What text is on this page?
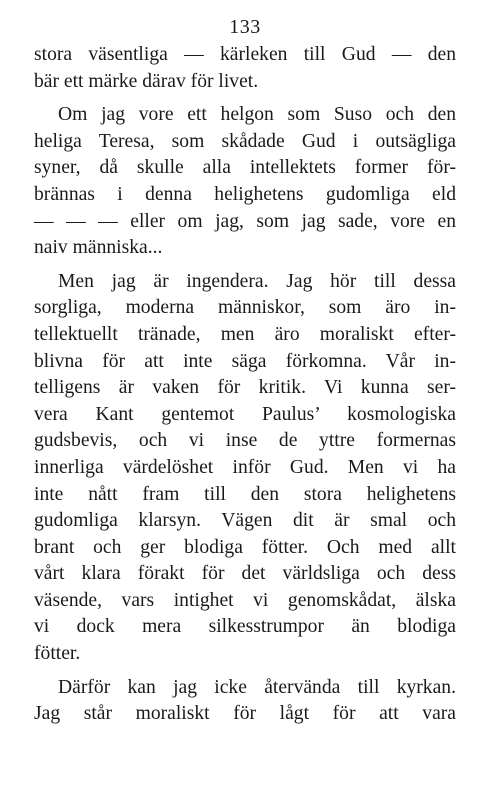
133

stora väsentliga — kärleken till Gud — den
bär ett märke därav för livet.

Om jag vore ett helgon som Suso och den
heliga Teresa, som skådade Gud i outsägliga
syner, då skulle alla intellektets former för-
brännas i denna helighetens gudomliga eld
— — — eller om jag, som jag sade, vore en
naiv människa...

Men jag är ingendera. Jag hör till dessa
sorgliga, moderna människor, som äro in-
tellektuellt tränade, men äro moraliskt efter-
blivna för att inte säga förkomna. Vår in-
telligens är vaken för kritik. Vi kunna ser-
vera Kant gentemot Paulus’ kosmologiska
gudsbevis, och vi inse de yttre formernas
innerliga värdelöshet inför Gud. Men vi ha
inte nått fram till den stora helighetens
gudomliga klarsyn. Vägen dit är smal och
brant och ger blodiga fötter. Och med allt
vårt klara förakt för det världsliga och dess
väsende, vars intighet vi genomskådat, älska
vi dock mera silkesstrumpor än blodiga
fötter.

Därför kan jag icke återvända till kyrkan.
Jag står moraliskt för lågt för att vara
